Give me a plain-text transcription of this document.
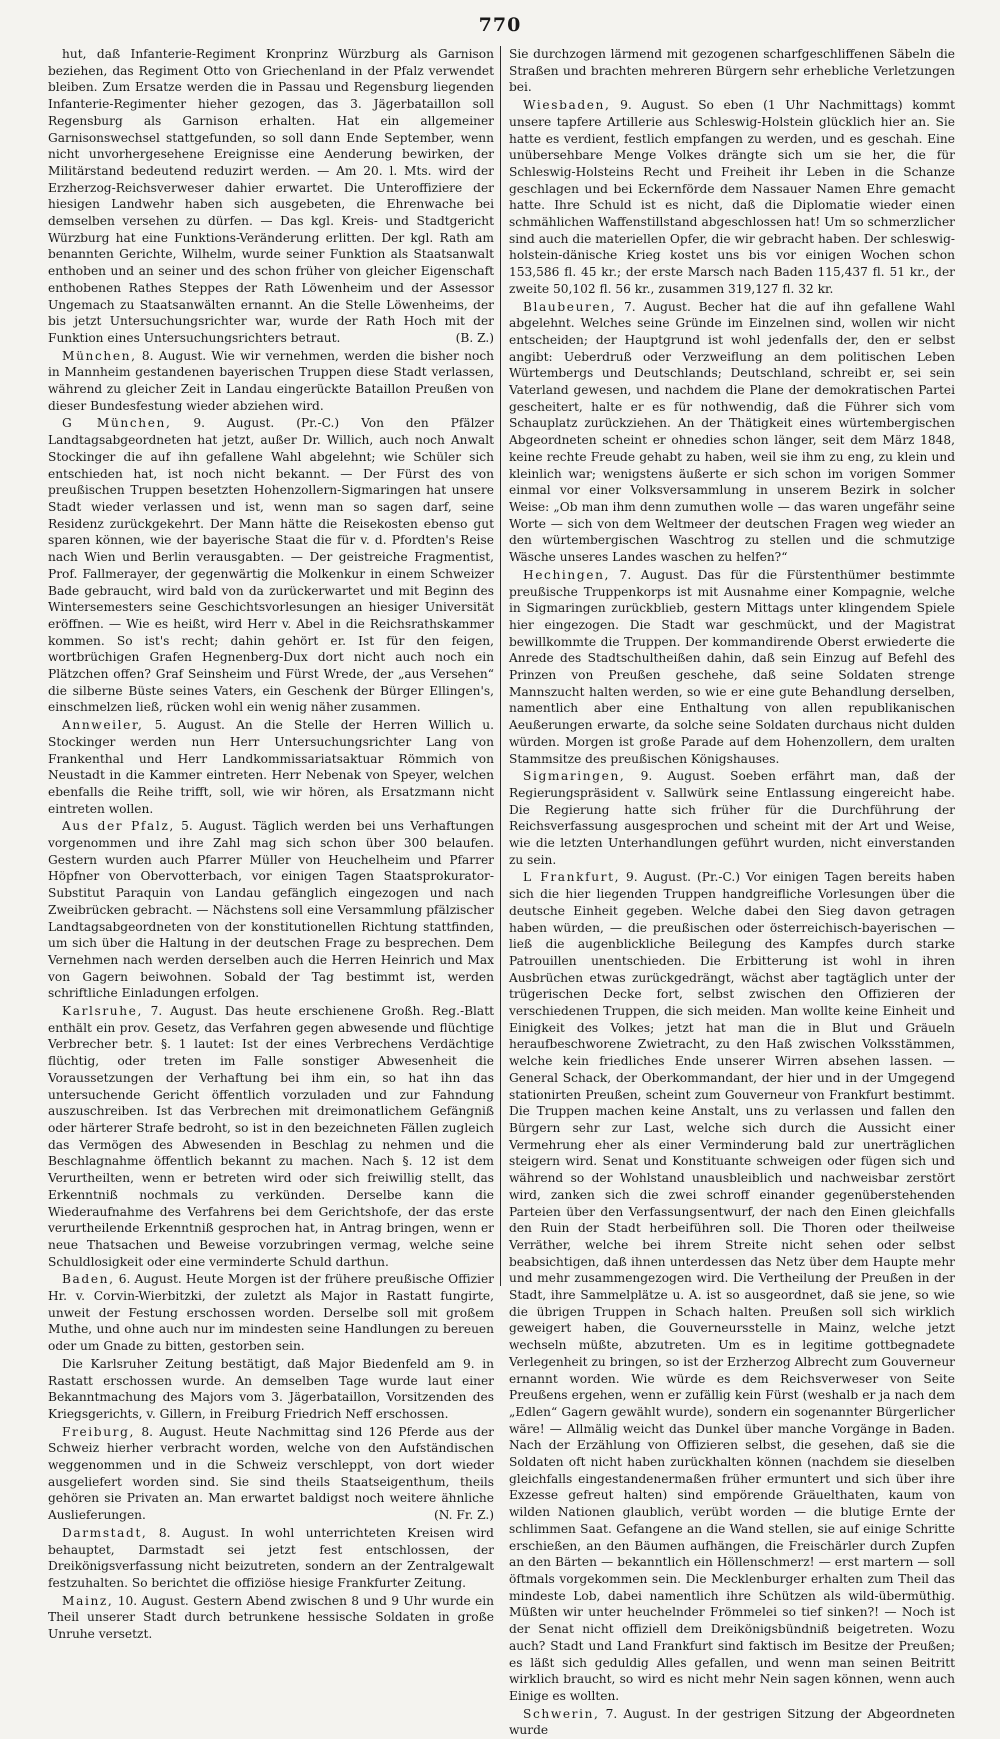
770

hut, daß Infanterie-Regiment Kronprinz Würzburg als Garnison beziehen, das Regiment Otto von Griechenland in der Pfalz verwendet bleiben. Zum Ersatze werden die in Passau und Regensburg liegenden Infanterie-Regimenter hieher gezogen, das 3. Jägerbataillon soll Regensburg als Garnison erhalten. Hat ein allgemeiner Garnisonswechsel stattgefunden, so soll dann Ende September, wenn nicht unvorhergesehene Ereignisse eine Aenderung bewirken, der Militärstand bedeutend reduzirt werden. — Am 20. l. Mts. wird der Erzherzog-Reichsverweser dahier erwartet. Die Unteroffiziere der hiesigen Landwehr haben sich ausgebeten, die Ehrenwache bei demselben versehen zu dürfen. — Das kgl. Kreis- und Stadtgericht Würzburg hat eine Funktions-Veränderung erlitten. Der kgl. Rath am benannten Gerichte, Wilhelm, wurde seiner Funktion als Staatsanwalt enthoben und an seiner und des schon früher von gleicher Eigenschaft enthobenen Rathes Steppes der Rath Löwenheim und der Assessor Ungemach zu Staatsanwälten ernannt. An die Stelle Löwenheims, der bis jetzt Untersuchungsrichter war, wurde der Rath Hoch mit der Funktion eines Untersuchungsrichters betraut.	(B. Z.)

München, 8. August. Wie wir vernehmen, werden die bisher noch in Mannheim gestandenen bayerischen Truppen diese Stadt verlassen, während zu gleicher Zeit in Landau eingerückte Bataillon Preußen von dieser Bundesfestung wieder abziehen wird.

G München, 9. August. (Pr.-C.) Von den Pfälzer Landtagsabgeordneten hat jetzt, außer Dr. Willich, auch noch Anwalt Stockinger die auf ihn gefallene Wahl abgelehnt; wie Schüler sich entschieden hat, ist noch nicht bekannt. — Der Fürst des von preußischen Truppen besetzten Hohenzollern-Sigmaringen hat unsere Stadt wieder verlassen und ist, wenn man so sagen darf, seine Residenz zurückgekehrt. Der Mann hätte die Reisekosten ebenso gut sparen können, wie der bayerische Staat die für v. d. Pfordten's Reise nach Wien und Berlin verausgabten. — Der geistreiche Fragmentist, Prof. Fallmerayer, der gegenwärtig die Molkenkur in einem Schweizer Bade gebraucht, wird bald von da zurückerwartet und mit Beginn des Wintersemesters seine Geschichtsvorlesungen an hiesiger Universität eröffnen. — Wie es heißt, wird Herr v. Abel in die Reichsrathskammer kommen. So ist's recht; dahin gehört er. Ist für den feigen, wortbrüchigen Grafen Hegnenberg-Dux dort nicht auch noch ein Plätzchen offen? Graf Seinsheim und Fürst Wrede, der „aus Versehen“ die silberne Büste seines Vaters, ein Geschenk der Bürger Ellingen's, einschmelzen ließ, rücken wohl ein wenig näher zusammen.

Annweiler, 5. August. An die Stelle der Herren Willich u. Stockinger werden nun Herr Untersuchungsrichter Lang von Frankenthal und Herr Landkommissariatsaktuar Römmich von Neustadt in die Kammer eintreten. Herr Nebenak von Speyer, welchen ebenfalls die Reihe trifft, soll, wie wir hören, als Ersatzmann nicht eintreten wollen.

Aus der Pfalz, 5. August. Täglich werden bei uns Verhaftungen vorgenommen und ihre Zahl mag sich schon über 300 belaufen. Gestern wurden auch Pfarrer Müller von Heuchelheim und Pfarrer Höpfner von Obervotterbach, vor einigen Tagen Staatsprokurator-Substitut Paraquin von Landau gefänglich eingezogen und nach Zweibrücken gebracht. — Nächstens soll eine Versammlung pfälzischer Landtagsabgeordneten von der konstitutionellen Richtung stattfinden, um sich über die Haltung in der deutschen Frage zu besprechen. Dem Vernehmen nach werden derselben auch die Herren Heinrich und Max von Gagern beiwohnen. Sobald der Tag bestimmt ist, werden schriftliche Einladungen erfolgen.

Karlsruhe, 7. August. Das heute erschienene Großh. Reg.-Blatt enthält ein prov. Gesetz, das Verfahren gegen abwesende und flüchtige Verbrecher betr. §. 1 lautet: Ist der eines Verbrechens Verdächtige flüchtig, oder treten im Falle sonstiger Abwesenheit die Voraussetzungen der Verhaftung bei ihm ein, so hat ihn das untersuchende Gericht öffentlich vorzuladen und zur Fahndung auszuschreiben. Ist das Verbrechen mit dreimonatlichem Gefängniß oder härterer Strafe bedroht, so ist in den bezeichneten Fällen zugleich das Vermögen des Abwesenden in Beschlag zu nehmen und die Beschlagnahme öffentlich bekannt zu machen. Nach §. 12 ist dem Verurtheilten, wenn er betreten wird oder sich freiwillig stellt, das Erkenntniß nochmals zu verkünden. Derselbe kann die Wiederaufnahme des Verfahrens bei dem Gerichtshofe, der das erste verurtheilende Erkenntniß gesprochen hat, in Antrag bringen, wenn er neue Thatsachen und Beweise vorzubringen vermag, welche seine Schuldlosigkeit oder eine verminderte Schuld darthun.

Baden, 6. August. Heute Morgen ist der frühere preußische Offizier Hr. v. Corvin-Wierbitzki, der zuletzt als Major in Rastatt fungirte, unweit der Festung erschossen worden. Derselbe soll mit großem Muthe, und ohne auch nur im mindesten seine Handlungen zu bereuen oder um Gnade zu bitten, gestorben sein.

Die Karlsruher Zeitung bestätigt, daß Major Biedenfeld am 9. in Rastatt erschossen wurde. An demselben Tage wurde laut einer Bekanntmachung des Majors vom 3. Jägerbataillon, Vorsitzenden des Kriegsgerichts, v. Gillern, in Freiburg Friedrich Neff erschossen.

Freiburg, 8. August. Heute Nachmittag sind 126 Pferde aus der Schweiz hierher verbracht worden, welche von den Aufständischen weggenommen und in die Schweiz verschleppt, von dort wieder ausgeliefert worden sind. Sie sind theils Staatseigenthum, theils gehören sie Privaten an. Man erwartet baldigst noch weitere ähnliche Auslieferungen.	(N. Fr. Z.)

Darmstadt, 8. August. In wohl unterrichteten Kreisen wird behauptet, Darmstadt sei jetzt fest entschlossen, der Dreikönigsverfassung nicht beizutreten, sondern an der Zentralgewalt festzuhalten. So berichtet die offiziöse hiesige Frankfurter Zeitung.

Mainz, 10. August. Gestern Abend zwischen 8 und 9 Uhr wurde ein Theil unserer Stadt durch betrunkene hessische Soldaten in große Unruhe versetzt.

Sie durchzogen lärmend mit gezogenen scharfgeschliffenen Säbeln die Straßen und brachten mehreren Bürgern sehr erhebliche Verletzungen bei.

Wiesbaden, 9. August. So eben (1 Uhr Nachmittags) kommt unsere tapfere Artillerie aus Schleswig-Holstein glücklich hier an. Sie hatte es verdient, festlich empfangen zu werden, und es geschah. Eine unübersehbare Menge Volkes drängte sich um sie her, die für Schleswig-Holsteins Recht und Freiheit ihr Leben in die Schanze geschlagen und bei Eckernförde dem Nassauer Namen Ehre gemacht hatte. Ihre Schuld ist es nicht, daß die Diplomatie wieder einen schmählichen Waffenstillstand abgeschlossen hat! Um so schmerzlicher sind auch die materiellen Opfer, die wir gebracht haben. Der schleswig-holstein-dänische Krieg kostet uns bis vor einigen Wochen schon 153,586 fl. 45 kr.; der erste Marsch nach Baden 115,437 fl. 51 kr., der zweite 50,102 fl. 56 kr., zusammen 319,127 fl. 32 kr.

Blaubeuren, 7. August. Becher hat die auf ihn gefallene Wahl abgelehnt. Welches seine Gründe im Einzelnen sind, wollen wir nicht entscheiden; der Hauptgrund ist wohl jedenfalls der, den er selbst angibt: Ueberdruß oder Verzweiflung an dem politischen Leben Würtembergs und Deutschlands; Deutschland, schreibt er, sei sein Vaterland gewesen, und nachdem die Plane der demokratischen Partei gescheitert, halte er es für nothwendig, daß die Führer sich vom Schauplatz zurückziehen. An der Thätigkeit eines würtembergischen Abgeordneten scheint er ohnedies schon länger, seit dem März 1848, keine rechte Freude gehabt zu haben, weil sie ihm zu eng, zu klein und kleinlich war; wenigstens äußerte er sich schon im vorigen Sommer einmal vor einer Volksversammlung in unserem Bezirk in solcher Weise: „Ob man ihm denn zumuthen wolle — das waren ungefähr seine Worte — sich von dem Weltmeer der deutschen Fragen weg wieder an den würtembergischen Waschtrog zu stellen und die schmutzige Wäsche unseres Landes waschen zu helfen?“

Hechingen, 7. August. Das für die Fürstenthümer bestimmte preußische Truppenkorps ist mit Ausnahme einer Kompagnie, welche in Sigmaringen zurückblieb, gestern Mittags unter klingendem Spiele hier eingezogen. Die Stadt war geschmückt, und der Magistrat bewillkommte die Truppen. Der kommandirende Oberst erwiederte die Anrede des Stadtschultheißen dahin, daß sein Einzug auf Befehl des Prinzen von Preußen geschehe, daß seine Soldaten strenge Mannszucht halten werden, so wie er eine gute Behandlung derselben, namentlich aber eine Enthaltung von allen republikanischen Aeußerungen erwarte, da solche seine Soldaten durchaus nicht dulden würden. Morgen ist große Parade auf dem Hohenzollern, dem uralten Stammsitze des preußischen Königshauses.

Sigmaringen, 9. August. Soeben erfährt man, daß der Regierungspräsident v. Sallwürk seine Entlassung eingereicht habe. Die Regierung hatte sich früher für die Durchführung der Reichsverfassung ausgesprochen und scheint mit der Art und Weise, wie die letzten Unterhandlungen geführt wurden, nicht einverstanden zu sein.

L Frankfurt, 9. August. (Pr.-C.) Vor einigen Tagen bereits haben sich die hier liegenden Truppen handgreifliche Vorlesungen über die deutsche Einheit gegeben. Welche dabei den Sieg davon getragen haben würden, — die preußischen oder österreichisch-bayerischen — ließ die augenblickliche Beilegung des Kampfes durch starke Patrouillen unentschieden. Die Erbitterung ist wohl in ihren Ausbrüchen etwas zurückgedrängt, wächst aber tagtäglich unter der trügerischen Decke fort, selbst zwischen den Offizieren der verschiedenen Truppen, die sich meiden. Man wollte keine Einheit und Einigkeit des Volkes; jetzt hat man die in Blut und Gräueln heraufbeschworene Zwietracht, zu den Haß zwischen Volksstämmen, welche kein friedliches Ende unserer Wirren absehen lassen. — General Schack, der Oberkommandant, der hier und in der Umgegend stationirten Preußen, scheint zum Gouverneur von Frankfurt bestimmt. Die Truppen machen keine Anstalt, uns zu verlassen und fallen den Bürgern sehr zur Last, welche sich durch die Aussicht einer Vermehrung eher als einer Verminderung bald zur unerträglichen steigern wird. Senat und Konstituante schweigen oder fügen sich und während so der Wohlstand unausbleiblich und nachweisbar zerstört wird, zanken sich die zwei schroff einander gegenüberstehenden Parteien über den Verfassungsentwurf, der nach den Einen gleichfalls den Ruin der Stadt herbeiführen soll. Die Thoren oder theilweise Verräther, welche bei ihrem Streite nicht sehen oder selbst beabsichtigen, daß ihnen unterdessen das Netz über dem Haupte mehr und mehr zusammengezogen wird. Die Vertheilung der Preußen in der Stadt, ihre Sammelplätze u. A. ist so ausgeordnet, daß sie jene, so wie die übrigen Truppen in Schach halten. Preußen soll sich wirklich geweigert haben, die Gouverneursstelle in Mainz, welche jetzt wechseln müßte, abzutreten. Um es in legitime gottbegnadete Verlegenheit zu bringen, so ist der Erzherzog Albrecht zum Gouverneur ernannt worden. Wie würde es dem Reichsverweser von Seite Preußens ergehen, wenn er zufällig kein Fürst (weshalb er ja nach dem „Edlen“ Gagern gewählt wurde), sondern ein sogenannter Bürgerlicher wäre! — Allmälig weicht das Dunkel über manche Vorgänge in Baden. Nach der Erzählung von Offizieren selbst, die gesehen, daß sie die Soldaten oft nicht haben zurückhalten können (nachdem sie dieselben gleichfalls eingestandenermaßen früher ermuntert und sich über ihre Exzesse gefreut halten) sind empörende Gräuelthaten, kaum von wilden Nationen glaublich, verübt worden — die blutige Ernte der schlimmen Saat. Gefangene an die Wand stellen, sie auf einige Schritte erschießen, an den Bäumen aufhängen, die Freischärler durch Zupfen an den Bärten — bekanntlich ein Höllenschmerz! — erst martern — soll öftmals vorgekommen sein. Die Mecklenburger erhalten zum Theil das mindeste Lob, dabei namentlich ihre Schützen als wild-übermüthig. Müßten wir unter heuchelnder Frömmelei so tief sinken?! — Noch ist der Senat nicht offiziell dem Dreikönigsbündniß beigetreten. Wozu auch? Stadt und Land Frankfurt sind faktisch im Besitze der Preußen; es läßt sich geduldig Alles gefallen, und wenn man seinen Beitritt wirklich braucht, so wird es nicht mehr Nein sagen können, wenn auch Einige es wollten.

Schwerin, 7. August. In der gestrigen Sitzung der Abgeordneten wurde
